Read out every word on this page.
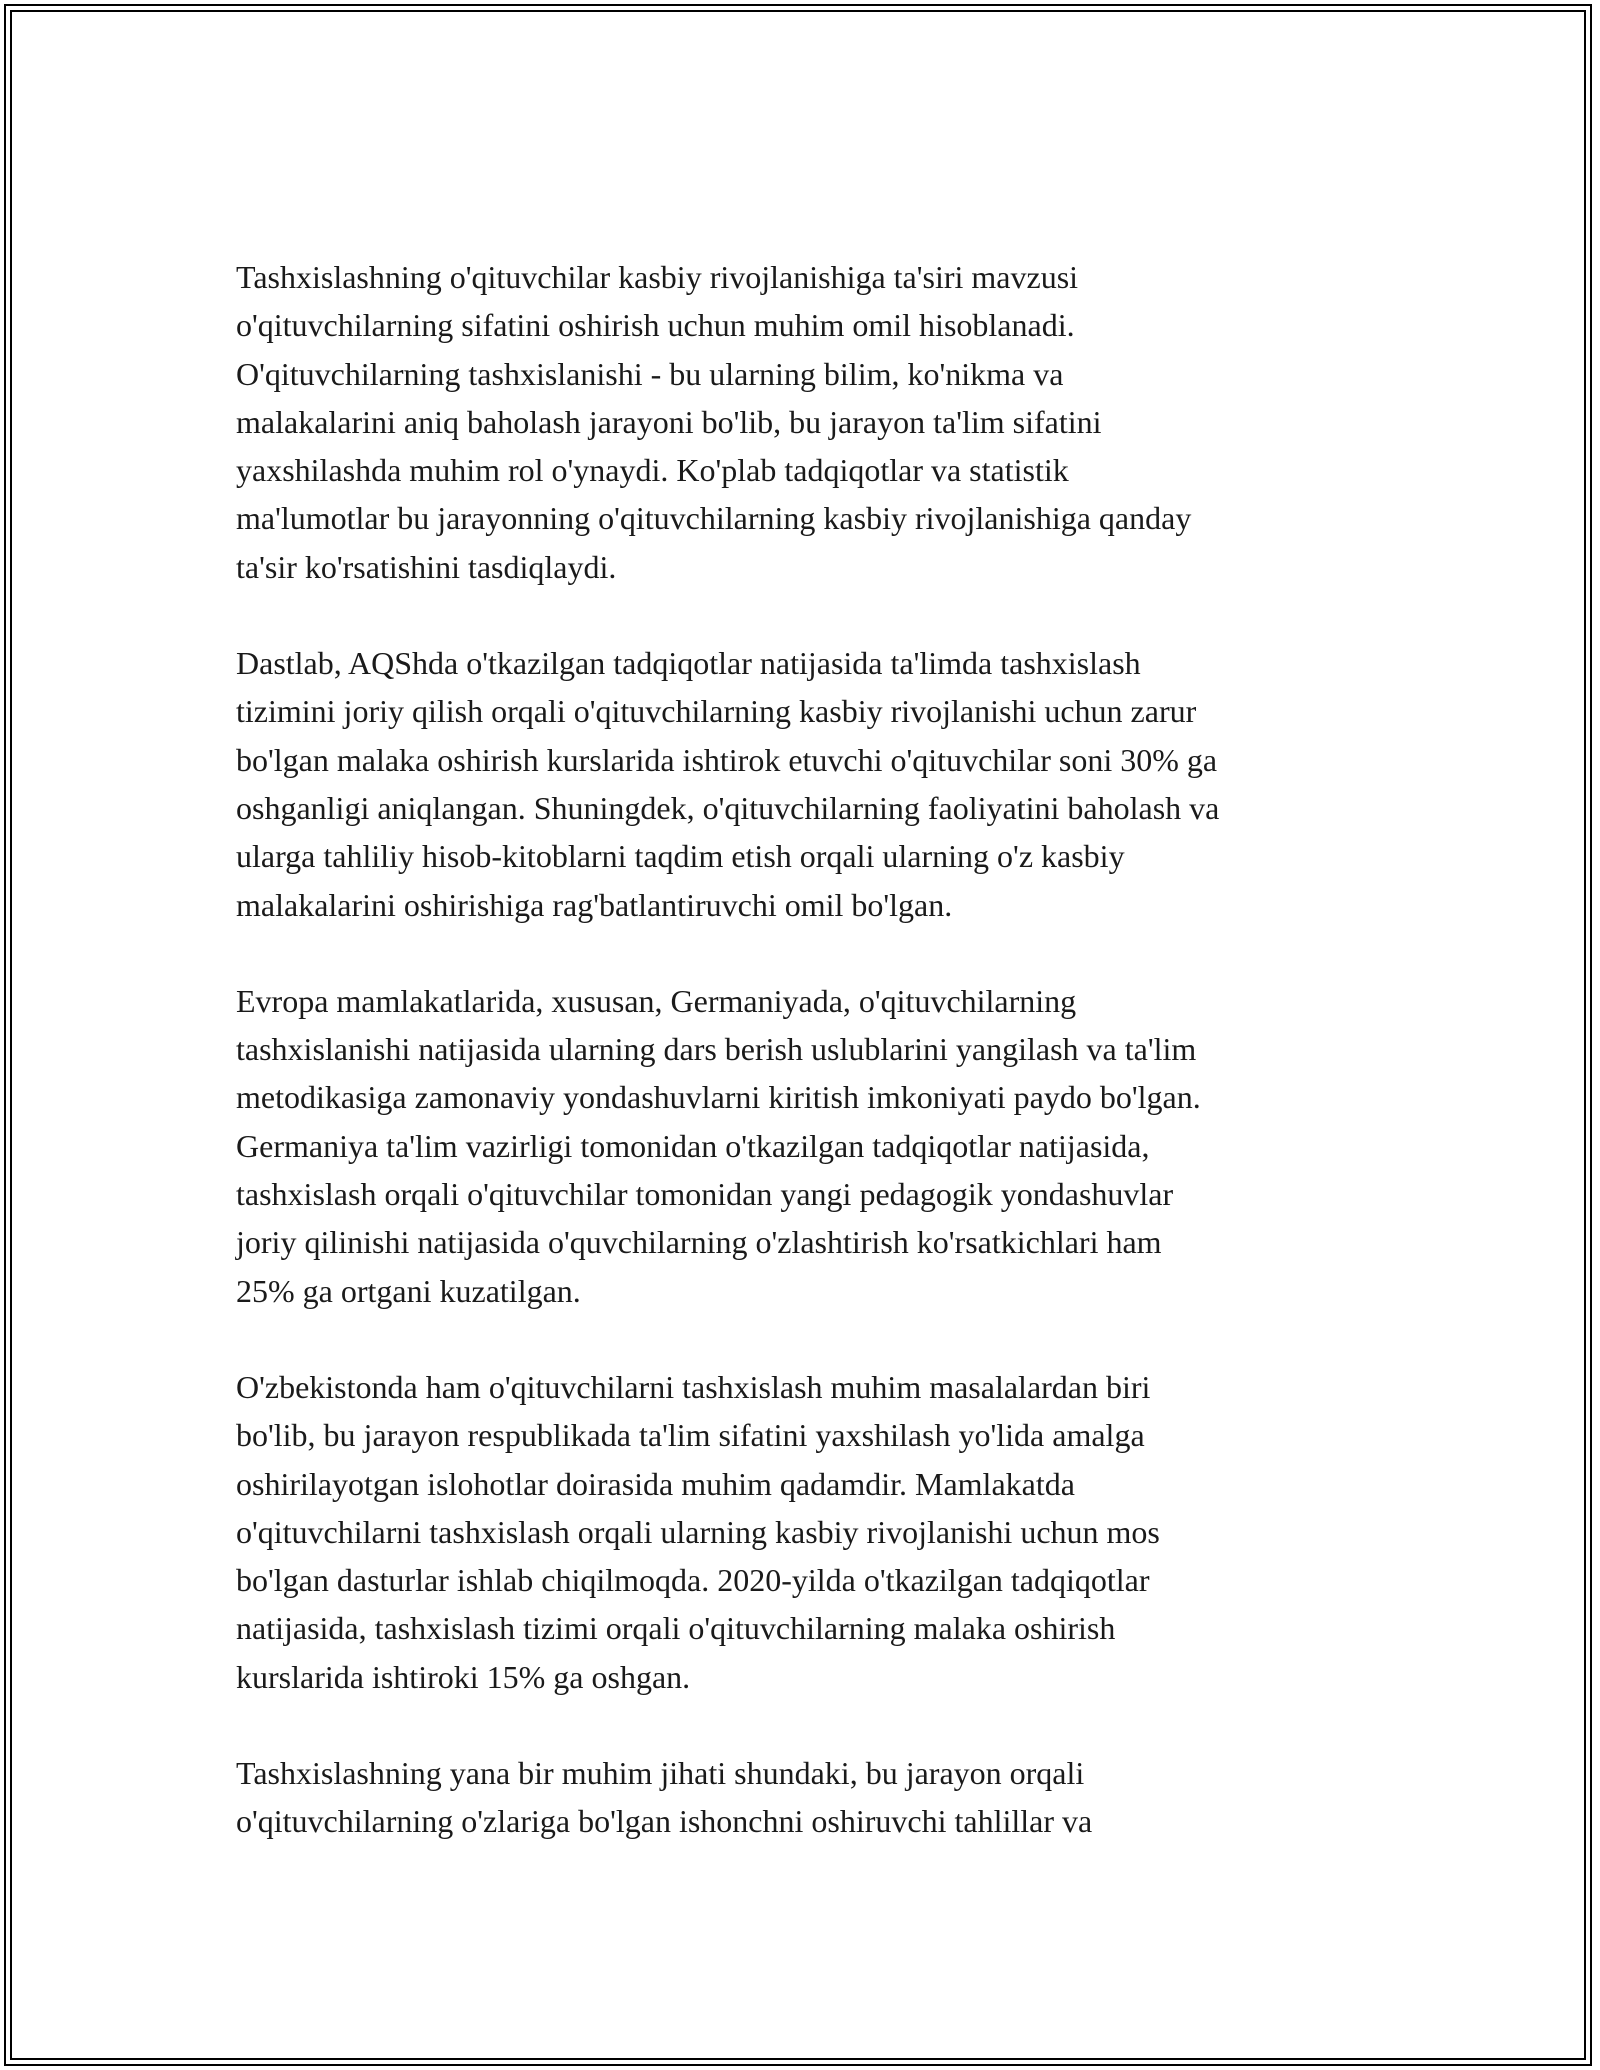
Tashxislashning o'qituvchilar kasbiy rivojlanishiga ta'siri mavzusi
o'qituvchilarning sifatini oshirish uchun muhim omil hisoblanadi.
O'qituvchilarning tashxislanishi - bu ularning bilim, ko'nikma va
malakalarini aniq baholash jarayoni bo'lib, bu jarayon ta'lim sifatini
yaxshilashda muhim rol o'ynaydi. Ko'plab tadqiqotlar va statistik
ma'lumotlar bu jarayonning o'qituvchilarning kasbiy rivojlanishiga qanday
ta'sir ko'rsatishini tasdiqlaydi.

Dastlab, AQShda o'tkazilgan tadqiqotlar natijasida ta'limda tashxislash
tizimini joriy qilish orqali o'qituvchilarning kasbiy rivojlanishi uchun zarur
bo'lgan malaka oshirish kurslarida ishtirok etuvchi o'qituvchilar soni 30% ga
oshganligi aniqlangan. Shuningdek, o'qituvchilarning faoliyatini baholash va
ularga tahliliy hisob-kitoblarni taqdim etish orqali ularning o'z kasbiy
malakalarini oshirishiga rag'batlantiruvchi omil bo'lgan.

Evropa mamlakatlarida, xususan, Germaniyada, o'qituvchilarning
tashxislanishi natijasida ularning dars berish uslublarini yangilash va ta'lim
metodikasiga zamonaviy yondashuvlarni kiritish imkoniyati paydo bo'lgan.
Germaniya ta'lim vazirligi tomonidan o'tkazilgan tadqiqotlar natijasida,
tashxislash orqali o'qituvchilar tomonidan yangi pedagogik yondashuvlar
joriy qilinishi natijasida o'quvchilarning o'zlashtirish ko'rsatkichlari ham
25% ga ortgani kuzatilgan.

O'zbekistonda ham o'qituvchilarni tashxislash muhim masalalardan biri
bo'lib, bu jarayon respublikada ta'lim sifatini yaxshilash yo'lida amalga
oshirilayotgan islohotlar doirasida muhim qadamdir. Mamlakatda
o'qituvchilarni tashxislash orqali ularning kasbiy rivojlanishi uchun mos
bo'lgan dasturlar ishlab chiqilmoqda. 2020-yilda o'tkazilgan tadqiqotlar
natijasida, tashxislash tizimi orqali o'qituvchilarning malaka oshirish
kurslarida ishtiroki 15% ga oshgan.

Tashxislashning yana bir muhim jihati shundaki, bu jarayon orqali
o'qituvchilarning o'zlariga bo'lgan ishonchni oshiruvchi tahlillar va
